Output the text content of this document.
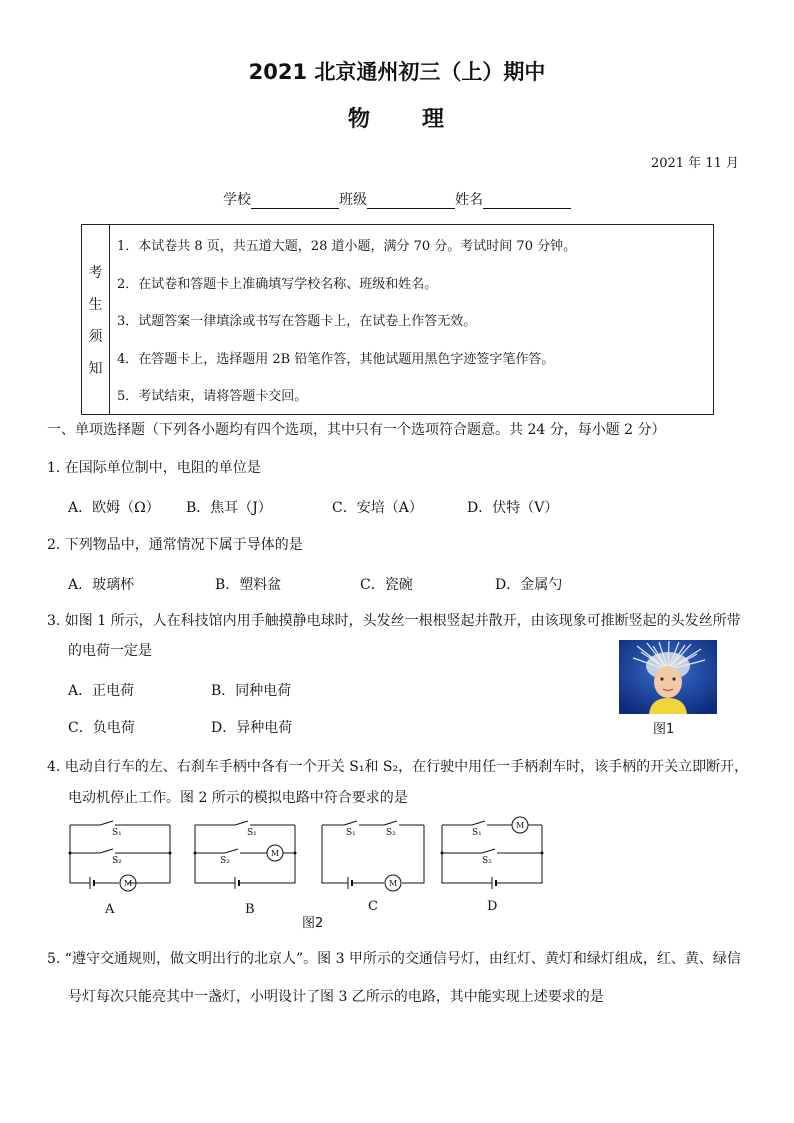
2021 北京通州初三（上）期中
物 理
2021 年 11 月
学校	班级	姓名
考
生
须
知
1．本试卷共 8 页，共五道大题，28 道小题，满分 70 分。考试时间 70 分钟。
2．在试卷和答题卡上准确填写学校名称、班级和姓名。
3．试题答案一律填涂或书写在答题卡上，在试卷上作答无效。
4．在答题卡上，选择题用 2B 铅笔作答，其他试题用黑色字迹签字笔作答。
5．考试结束，请将答题卡交回。
一、单项选择题（下列各小题均有四个选项，其中只有一个选项符合题意。共 24 分，每小题 2 分）
1. 在国际单位制中，电阻的单位是
A．欧姆（Ω） B．焦耳（J）	C．安培（A）	D．伏特（V）
2. 下列物品中，通常情况下属于导体的是
A．玻璃杯	B．塑料盆	C．瓷碗	D．金属勺
3. 如图 1 所示，人在科技馆内用手触摸静电球时，头发丝一根根竖起并散开，由该现象可推断竖起的头发丝所带
的电荷一定是
A．正电荷	B．同种电荷
C．负电荷	D．异种电荷	图1
4. 电动自行车的左、右刹车手柄中各有一个开关 S₁和 S₂，在行驶中用任一手柄刹车时，该手柄的开关立即断开，
电动机停止工作。图 2 所示的模拟电路中符合要求的是
S₁
S₂
M
S₁
S₂
M
S₁	S₂
M
S₁
S₂
M
A	B	C	D
图2
5. “遵守交通规则，做文明出行的北京人”。图 3 甲所示的交通信号灯，由红灯、黄灯和绿灯组成，红、黄、绿信
号灯每次只能亮其中一盏灯，小明设计了图 3 乙所示的电路，其中能实现上述要求的是
